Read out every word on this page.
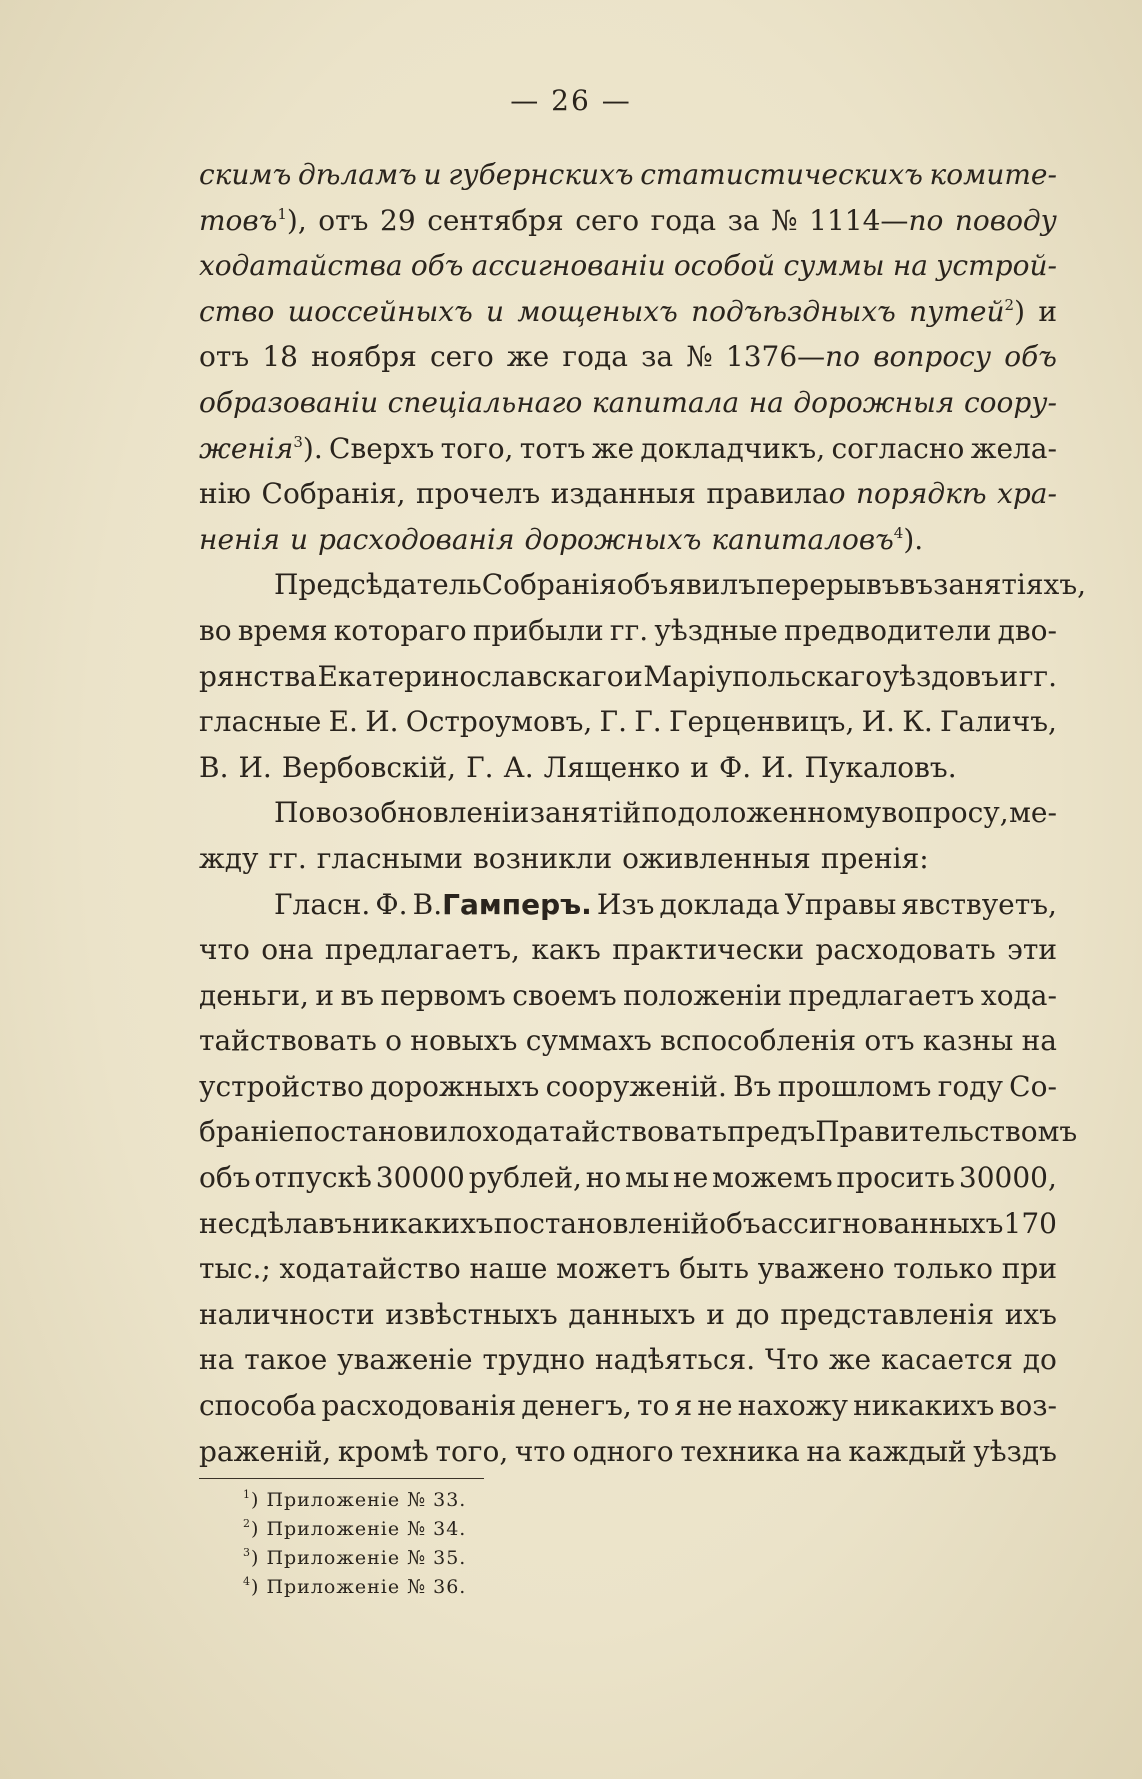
— 26 —
скимъ дѣламъ и губернскихъ статистическихъ комите-
товъ$^1$), отъ 29 сентября сего года за № 1114—по поводу
ходатайства объ ассигнованіи особой суммы на устрой-
ство шоссейныхъ и мощеныхъ подъѣздныхъ путей$^2$) и
отъ 18 ноября сего же года за № 1376—по вопросу объ
образованіи спеціальнаго капитала на дорожныя соору-
женія$^3$). Сверхъ того, тотъ же докладчикъ, согласно жела-
нію Собранія, прочелъ изданныя правилао порядкѣ хра-
ненія и расходованія дорожныхъ капиталовъ$^4$).
Предсѣдатель Собранія объявилъ перерывъ въ занятіяхъ,
во время котораго прибыли гг. уѣздные предводители дво-
рянства Екатеринославскаго и Маріупольскаго уѣздовъ и гг.
гласные Е. И. Остроумовъ, Г. Г. Герценвицъ, И. К. Галичъ,
В. И. Вербовскій, Г. А. Лященко и Ф. И. Пукаловъ.
По возобновленіи занятій по доложенному вопросу, ме-
жду гг. гласными возникли оживленныя пренія:
Гласн. Ф. В.Гамперъ. Изъ доклада Управы явствуетъ,
что она предлагаетъ, какъ практически расходовать эти
деньги, и въ первомъ своемъ положеніи предлагаетъ хода-
тайствовать о новыхъ суммахъ вспособленія отъ казны на
устройство дорожныхъ сооруженій. Въ прошломъ году Со-
браніе постановило ходатайствовать предъ Правительствомъ
объ отпускѣ 30000 рублей, но мы не можемъ просить 30000,
не сдѣлавъ никакихъ постановленій объ ассигнованныхъ 170
тыс.; ходатайство наше можетъ быть уважено только при
наличности извѣстныхъ данныхъ и до представленія ихъ
на такое уваженіе трудно надѣяться. Что же касается до
способа расходованія денегъ, то я не нахожу никакихъ воз-
раженій, кромѣ того, что одного техника на каждый уѣздъ
$^1$) Приложеніе № 33.
$^2$) Приложеніе № 34.
$^3$) Приложеніе № 35.
$^4$) Приложеніе № 36.
